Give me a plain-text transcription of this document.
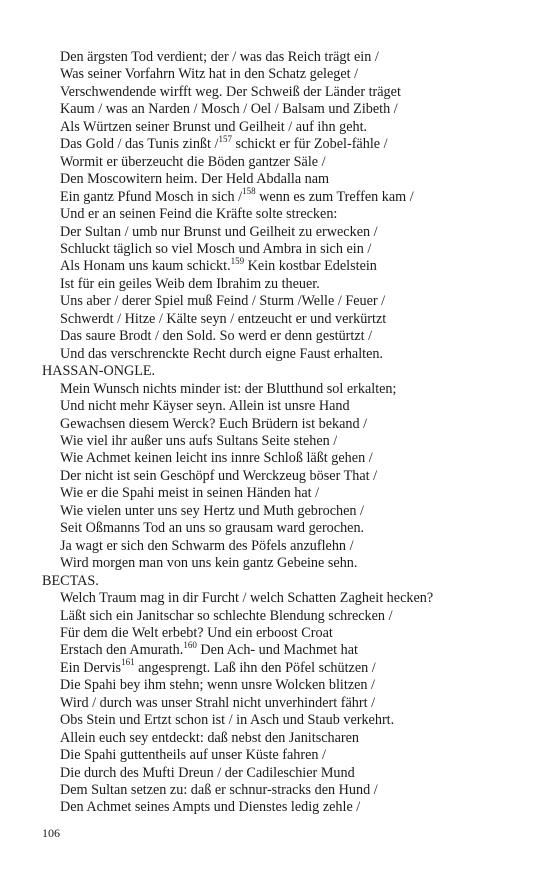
Den ärgsten Tod verdient; der / was das Reich trägt ein /
Was seiner Vorfahrn Witz hat in den Schatz geleget /
Verschwendende wirfft weg. Der Schweiß der Länder träget
Kaum / was an Narden / Mosch / Oel / Balsam und Zibeth /
Als Würtzen seiner Brunst und Geilheit / auf ihn geht.
Das Gold / das Tunis zinßt /$^{157}$ schickt er für Zobel-fähle /
Wormit er überzeucht die Böden gantzer Säle /
Den Moscowitern heim. Der Held Abdalla nam
Ein gantz Pfund Mosch in sich /$^{158}$ wenn es zum Treffen kam /
Und er an seinen Feind die Kräfte solte strecken:
Der Sultan / umb nur Brunst und Geilheit zu erwecken /
Schluckt täglich so viel Mosch und Ambra in sich ein /
Als Honam uns kaum schickt.$^{159}$ Kein kostbar Edelstein
Ist für ein geiles Weib dem Ibrahim zu theuer.
Uns aber / derer Spiel muß Feind / Sturm /Welle / Feuer /
Schwerdt / Hitze / Kälte seyn / entzeucht er und verkürtzt
Das saure Brodt / den Sold. So werd er denn gestürtzt /
Und das verschrenckte Recht durch eigne Faust erhalten.
HASSAN-ONGLE.
Mein Wunsch nichts minder ist: der Blutthund sol erkalten;
Und nicht mehr Käyser seyn. Allein ist unsre Hand
Gewachsen diesem Werck? Euch Brüdern ist bekand /
Wie viel ihr außer uns aufs Sultans Seite stehen /
Wie Achmet keinen leicht ins innre Schloß läßt gehen /
Der nicht ist sein Geschöpf und Werckzeug böser That /
Wie er die Spahi meist in seinen Händen hat /
Wie vielen unter uns sey Hertz und Muth gebrochen /
Seit Oßmanns Tod an uns so grausam ward gerochen.
Ja wagt er sich den Schwarm des Pöfels anzuflehn /
Wird morgen man von uns kein gantz Gebeine sehn.
BECTAS.
Welch Traum mag in dir Furcht / welch Schatten Zagheit hecken?
Läßt sich ein Janitschar so schlechte Blendung schrecken /
Für dem die Welt erbebt? Und ein erboost Croat
Erstach den Amurath.$^{160}$ Den Ach- und Machmet hat
Ein Dervis$^{161}$ angesprengt. Laß ihn den Pöfel schützen /
Die Spahi bey ihm stehn; wenn unsre Wolcken blitzen /
Wird / durch was unser Strahl nicht unverhindert fährt /
Obs Stein und Ertzt schon ist / in Asch und Staub verkehrt.
Allein euch sey entdeckt: daß nebst den Janitscharen
Die Spahi guttentheils auf unser Küste fahren /
Die durch des Mufti Dreun / der Cadileschier Mund
Dem Sultan setzen zu: daß er schnur-stracks den Hund /
Den Achmet seines Ampts und Dienstes ledig zehle /
106
